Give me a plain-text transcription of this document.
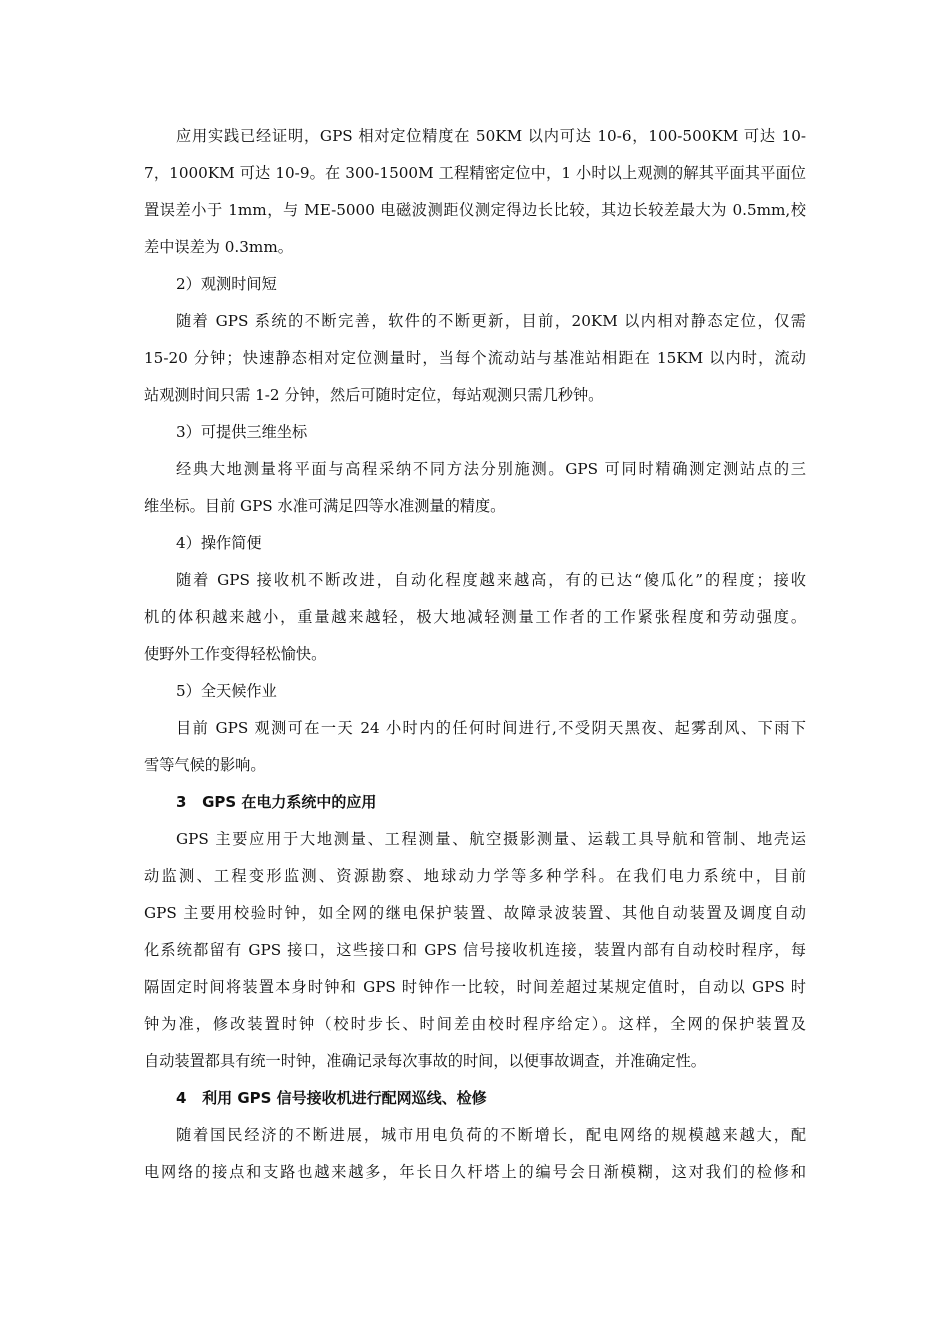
应用实践已经证明，GPS 相对定位精度在 50KM 以内可达 10-6，100-500KM 可达 10-
7，1000KM 可达 10-9。在 300-1500M 工程精密定位中，1 小时以上观测的解其平面其平面位
置误差小于 1mm，与 ME-5000 电磁波测距仪测定得边长比较，其边长较差最大为 0.5mm,校
差中误差为 0.3mm。
2）观测时间短
随着 GPS 系统的不断完善，软件的不断更新，目前，20KM 以内相对静态定位，仅需
15-20 分钟；快速静态相对定位测量时，当每个流动站与基准站相距在 15KM 以内时，流动
站观测时间只需 1-2 分钟，然后可随时定位，每站观测只需几秒钟。
3）可提供三维坐标
经典大地测量将平面与高程采纳不同方法分别施测。GPS 可同时精确测定测站点的三
维坐标。目前 GPS 水准可满足四等水准测量的精度。
4）操作简便
随着 GPS 接收机不断改进，自动化程度越来越高，有的已达“傻瓜化”的程度；接收
机的体积越来越小，重量越来越轻，极大地减轻测量工作者的工作紧张程度和劳动强度。
使野外工作变得轻松愉快。
5）全天候作业
目前 GPS 观测可在一天 24 小时内的任何时间进行,不受阴天黑夜、起雾刮风、下雨下
雪等气候的影响。
3   GPS 在电力系统中的应用
GPS 主要应用于大地测量、工程测量、航空摄影测量、运载工具导航和管制、地壳运
动监测、工程变形监测、资源勘察、地球动力学等多种学科。在我们电力系统中，目前
GPS 主要用校验时钟，如全网的继电保护装置、故障录波装置、其他自动装置及调度自动
化系统都留有 GPS 接口，这些接口和 GPS 信号接收机连接，装置内部有自动校时程序，每
隔固定时间将装置本身时钟和 GPS 时钟作一比较，时间差超过某规定值时，自动以 GPS 时
钟为准，修改装置时钟（校时步长、时间差由校时程序给定）。这样，全网的保护装置及
自动装置都具有统一时钟，准确记录每次事故的时间，以便事故调查，并准确定性。
4   利用 GPS 信号接收机进行配网巡线、检修
随着国民经济的不断进展，城市用电负荷的不断增长，配电网络的规模越来越大，配
电网络的接点和支路也越来越多，年长日久杆塔上的编号会日渐模糊，这对我们的检修和
